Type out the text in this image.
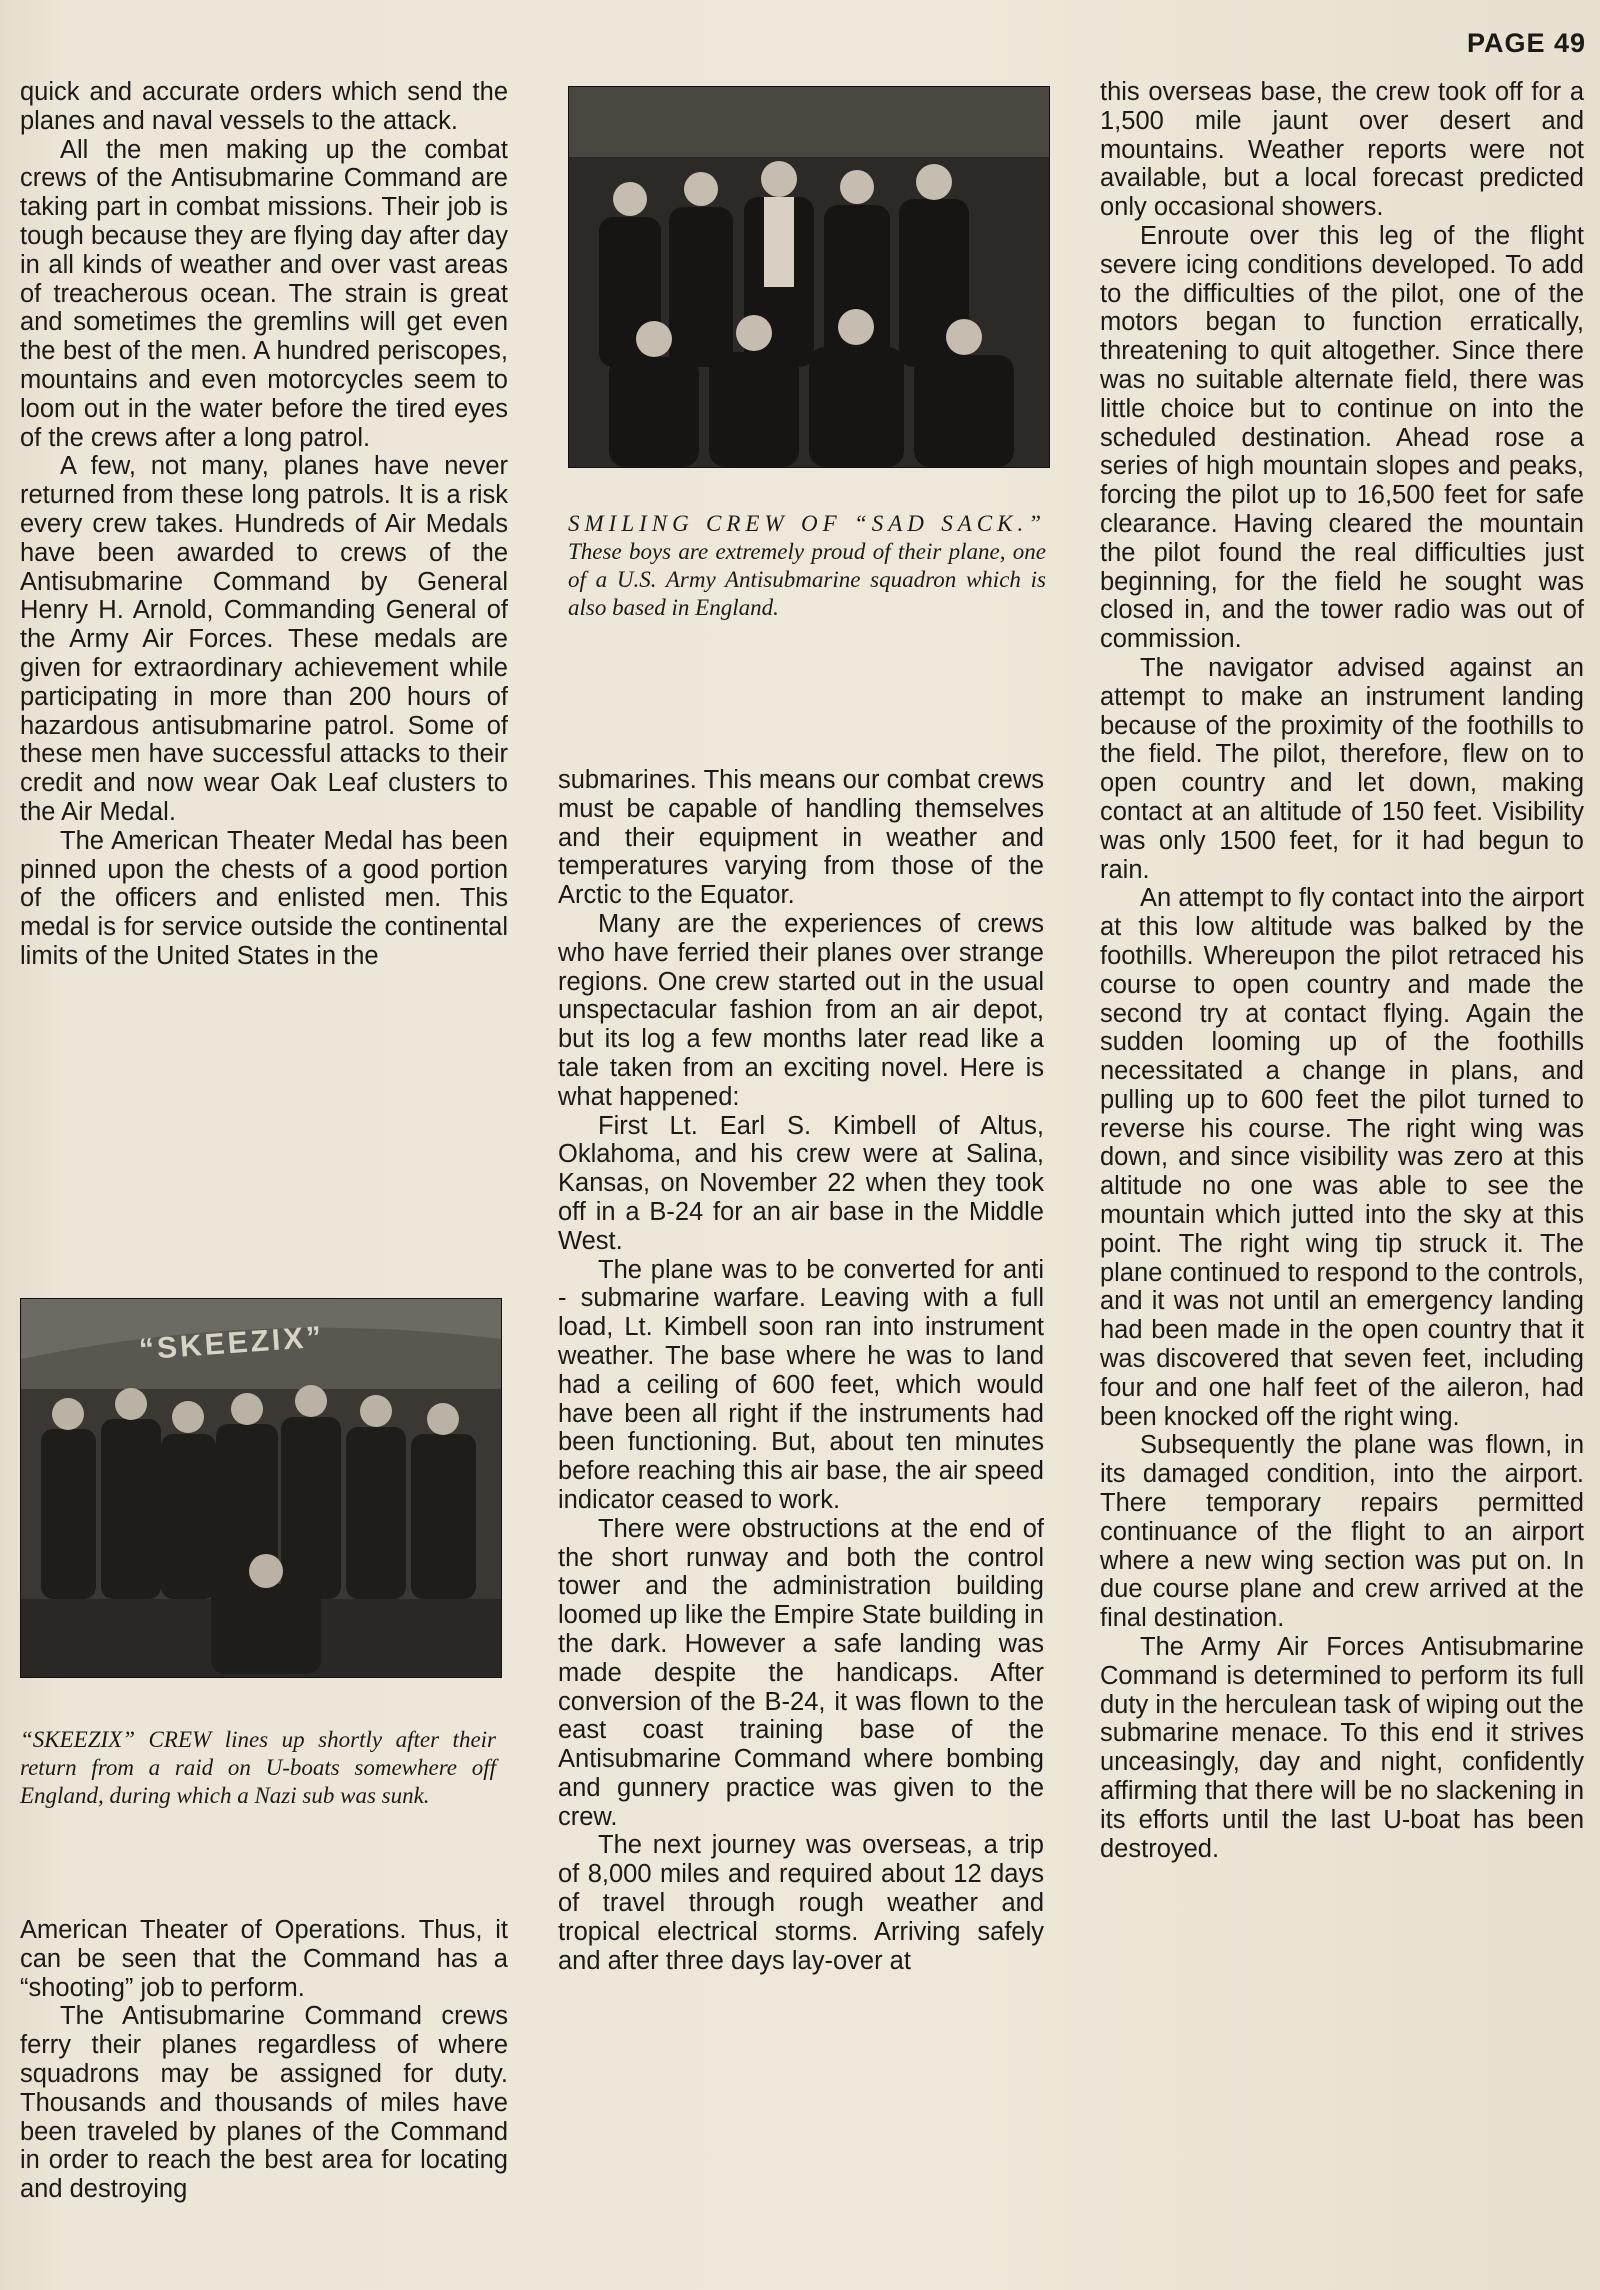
PAGE 49

quick and accurate orders which send the planes and naval vessels to the attack.

All the men making up the combat crews of the Antisubmarine Command are taking part in combat missions. Their job is tough because they are flying day after day in all kinds of weather and over vast areas of treacherous ocean. The strain is great and sometimes the gremlins will get even the best of the men. A hundred periscopes, mountains and even motorcycles seem to loom out in the water before the tired eyes of the crews after a long patrol.

A few, not many, planes have never returned from these long patrols. It is a risk every crew takes. Hundreds of Air Medals have been awarded to crews of the Antisubmarine Command by General Henry H. Arnold, Commanding General of the Army Air Forces. These medals are given for extraordinary achievement while participating in more than 200 hours of hazardous antisubmarine patrol. Some of these men have successful attacks to their credit and now wear Oak Leaf clusters to the Air Medal.

The American Theater Medal has been pinned upon the chests of a good portion of the officers and enlisted men. This medal is for service outside the continental limits of the United States in the

“SKEEZIX”
“SKEEZIX” CREW lines up shortly after their return from a raid on U-boats somewhere off England, during which a Nazi sub was sunk.

American Theater of Operations. Thus, it can be seen that the Command has a “shooting” job to perform.

The Antisubmarine Command crews ferry their planes regardless of where squadrons may be assigned for duty. Thousands and thousands of miles have been traveled by planes of the Command in order to reach the best area for locating and destroying

SMILING CREW OF “SAD SACK.” These boys are extremely proud of their plane, one of a U.S. Army Antisubmarine squadron which is also based in England.

submarines. This means our combat crews must be capable of handling themselves and their equipment in weather and temperatures varying from those of the Arctic to the Equator.

Many are the experiences of crews who have ferried their planes over strange regions. One crew started out in the usual unspectacular fashion from an air depot, but its log a few months later read like a tale taken from an exciting novel. Here is what happened:

First Lt. Earl S. Kimbell of Altus, Oklahoma, and his crew were at Salina, Kansas, on November 22 when they took off in a B-24 for an air base in the Middle West.

The plane was to be converted for anti - submarine warfare. Leaving with a full load, Lt. Kimbell soon ran into instrument weather. The base where he was to land had a ceiling of 600 feet, which would have been all right if the instruments had been functioning. But, about ten minutes before reaching this air base, the air speed indicator ceased to work.

There were obstructions at the end of the short runway and both the control tower and the administration building loomed up like the Empire State building in the dark. However a safe landing was made despite the handicaps. After conversion of the B-24, it was flown to the east coast training base of the Antisubmarine Command where bombing and gunnery practice was given to the crew.

The next journey was overseas, a trip of 8,000 miles and required about 12 days of travel through rough weather and tropical electrical storms. Arriving safely and after three days lay-over at

this overseas base, the crew took off for a 1,500 mile jaunt over desert and mountains. Weather reports were not available, but a local forecast predicted only occasional showers.

Enroute over this leg of the flight severe icing conditions developed. To add to the difficulties of the pilot, one of the motors began to function erratically, threatening to quit altogether. Since there was no suitable alternate field, there was little choice but to continue on into the scheduled destination. Ahead rose a series of high mountain slopes and peaks, forcing the pilot up to 16,500 feet for safe clearance. Having cleared the mountain the pilot found the real difficulties just beginning, for the field he sought was closed in, and the tower radio was out of commission.

The navigator advised against an attempt to make an instrument landing because of the proximity of the foothills to the field. The pilot, therefore, flew on to open country and let down, making contact at an altitude of 150 feet. Visibility was only 1500 feet, for it had begun to rain.

An attempt to fly contact into the airport at this low altitude was balked by the foothills. Whereupon the pilot retraced his course to open country and made the second try at contact flying. Again the sudden looming up of the foothills necessitated a change in plans, and pulling up to 600 feet the pilot turned to reverse his course. The right wing was down, and since visibility was zero at this altitude no one was able to see the mountain which jutted into the sky at this point. The right wing tip struck it. The plane continued to respond to the controls, and it was not until an emergency landing had been made in the open country that it was discovered that seven feet, including four and one half feet of the aileron, had been knocked off the right wing.

Subsequently the plane was flown, in its damaged condition, into the airport. There temporary repairs permitted continuance of the flight to an airport where a new wing section was put on. In due course plane and crew arrived at the final destination.

The Army Air Forces Antisubmarine Command is determined to perform its full duty in the herculean task of wiping out the submarine menace. To this end it strives unceasingly, day and night, confidently affirming that there will be no slackening in its efforts until the last U-boat has been destroyed.
